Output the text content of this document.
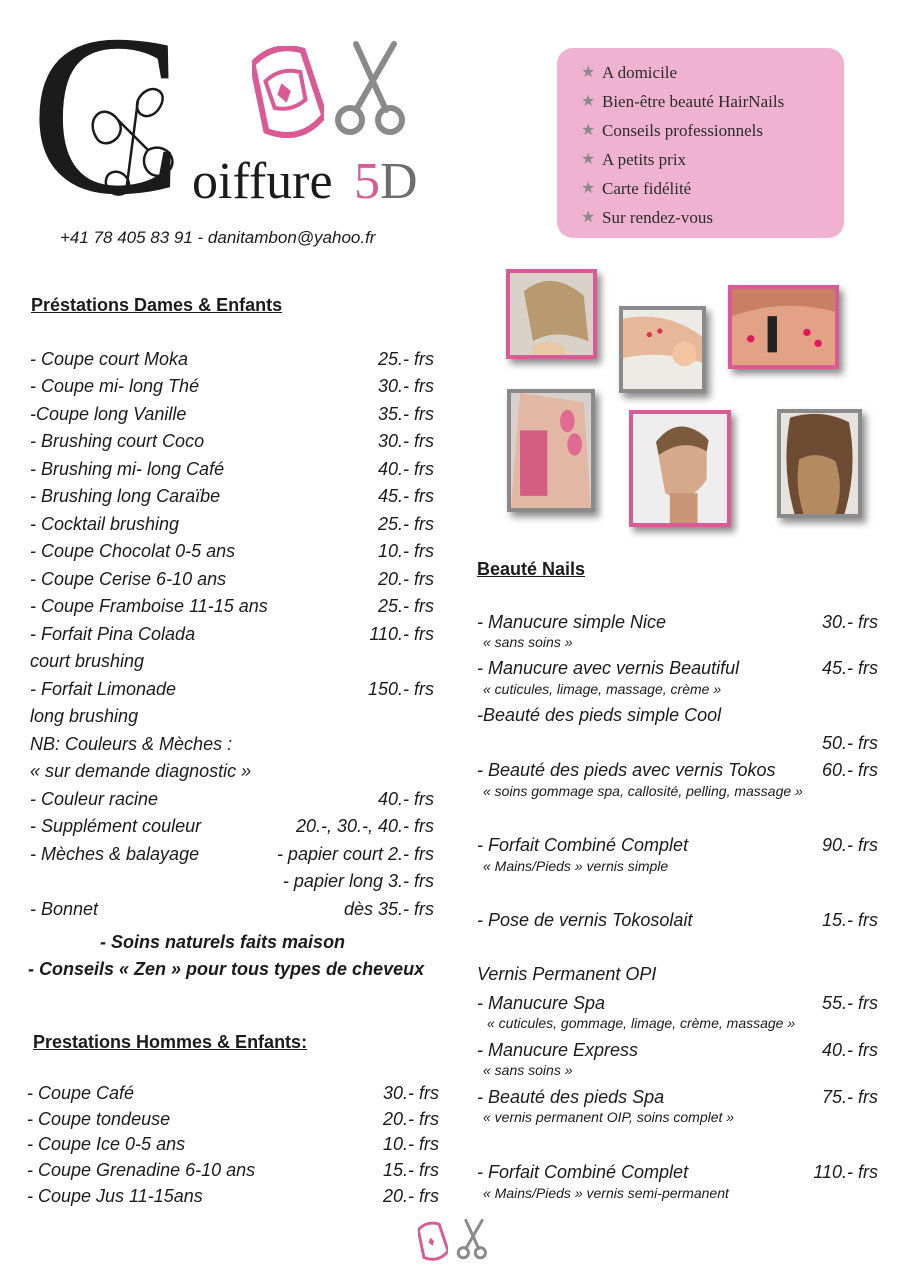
C oiffure 5D
+41 78 405 83 91 - danitambon@yahoo.fr
★ A domicile
★ Bien-être beauté HairNails
★ Conseils professionnels
★ A petits prix
★ Carte fidélité
★ Sur rendez-vous
Préstations Dames & Enfants
- Soins naturels faits maison
- Conseils « Zen » pour tous types de cheveux
Prestations Hommes & Enfants:
Beauté Nails
Vernis Permanent OPI
- Coupe court Moka	25.- frs
- Coupe mi- long Thé	30.- frs
-Coupe long Vanille	35.- frs
- Brushing court Coco	30.- frs
- Brushing mi- long Café	40.- frs
- Brushing long Caraïbe	45.- frs
- Cocktail brushing	25.- frs
- Coupe Chocolat 0-5 ans	10.- frs
- Coupe Cerise 6-10 ans	20.- frs
- Coupe Framboise 11-15 ans	25.- frs
- Forfait Pina Colada	110.- frs
court brushing
- Forfait Limonade	150.- frs
long brushing
NB: Couleurs & Mèches :
« sur demande diagnostic »
- Couleur racine	40.- frs
- Supplément couleur	20.-, 30.-, 40.- frs
- Mèches & balayage	- papier court 2.- frs
- papier long 3.- frs
- Bonnet	dès 35.- frs
- Coupe Café	30.- frs
- Coupe tondeuse	20.- frs
- Coupe Ice 0-5 ans	10.- frs
- Coupe Grenadine 6-10 ans	15.- frs
- Coupe Jus 11-15ans	20.- frs
- Manucure simple Nice	30.- frs
« sans soins »
- Manucure avec vernis Beautiful	45.- frs
« cuticules, limage, massage, crème »
-Beauté des pieds simple Cool
50.- frs
- Beauté des pieds avec vernis Tokos	60.- frs
« soins gommage spa, callosité, pelling, massage »
- Forfait Combiné Complet	90.- frs
« Mains/Pieds » vernis simple
- Pose de vernis Tokosolait	15.- frs
- Manucure Spa	55.- frs
« cuticules, gommage, limage, crème, massage »
- Manucure Express	40.- frs
« sans soins »
- Beauté des pieds Spa	75.- frs
« vernis permanent OIP, soins complet »
- Forfait Combiné Complet	110.- frs
« Mains/Pieds » vernis semi-permanent
